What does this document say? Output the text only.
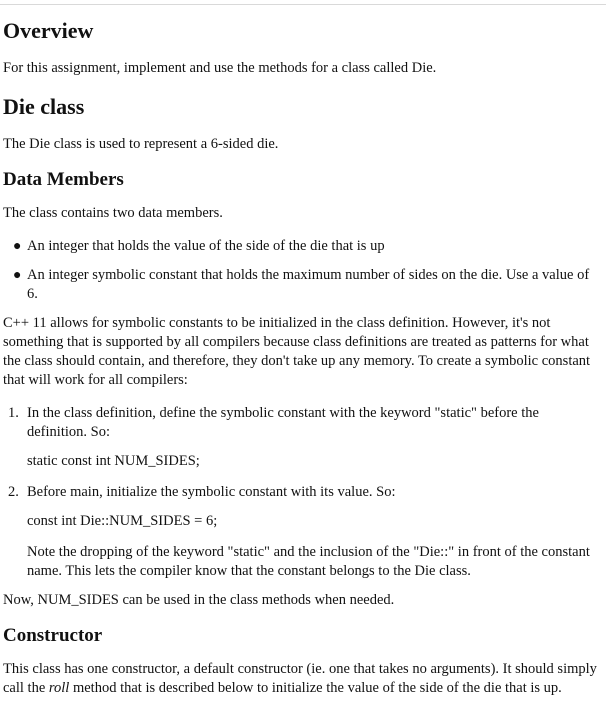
Overview

For this assignment, implement and use the methods for a class called Die.

Die class

The Die class is used to represent a 6-sided die.

Data Members

The class contains two data members.

● An integer that holds the value of the side of the die that is up
● An integer symbolic constant that holds the maximum number of sides on the die. Use a value of 6.

C++ 11 allows for symbolic constants to be initialized in the class definition. However, it's not something that is supported by all compilers because class definitions are treated as patterns for what the class should contain, and therefore, they don't take up any memory. To create a symbolic constant that will work for all compilers:

1. In the class definition, define the symbolic constant with the keyword "static" before the definition. So:

static const int NUM_SIDES;

2. Before main, initialize the symbolic constant with its value. So:

const int Die::NUM_SIDES = 6;

Note the dropping of the keyword "static" and the inclusion of the "Die::" in front of the constant name. This lets the compiler know that the constant belongs to the Die class.

Now, NUM_SIDES can be used in the class methods when needed.

Constructor

This class has one constructor, a default constructor (ie. one that takes no arguments). It should simply call the roll method that is described below to initialize the value of the side of the die that is up.
